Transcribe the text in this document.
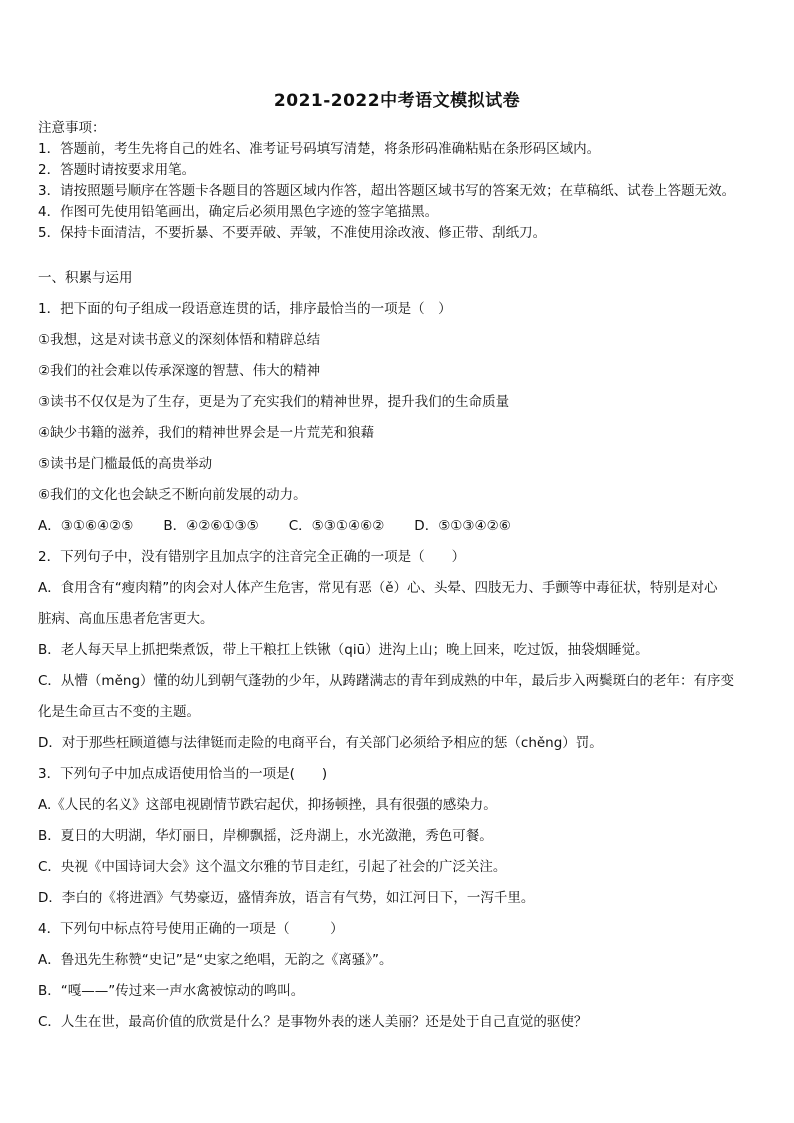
2021-2022中考语文模拟试卷
注意事项：
1．答题前，考生先将自己的姓名、准考证号码填写清楚，将条形码准确粘贴在条形码区域内。
2．答题时请按要求用笔。
3．请按照题号顺序在答题卡各题目的答题区域内作答，超出答题区域书写的答案无效；在草稿纸、试卷上答题无效。
4．作图可先使用铅笔画出，确定后必须用黑色字迹的签字笔描黑。
5．保持卡面清洁，不要折暴、不要弄破、弄皱，不准使用涂改液、修正带、刮纸刀。
一、积累与运用
1．把下面的句子组成一段语意连贯的话，排序最恰当的一项是（　）
①我想，这是对读书意义的深刻体悟和精辟总结
②我们的社会难以传承深邃的智慧、伟大的精神
③读书不仅仅是为了生存，更是为了充实我们的精神世界，提升我们的生命质量
④缺少书籍的滋养，我们的精神世界会是一片荒芜和狼藉
⑤读书是门槛最低的高贵举动
⑥我们的文化也会缺乏不断向前发展的动力。
A．③①⑥④②⑤ B．④②⑥①③⑤ C．⑤③①④⑥② D．⑤①③④②⑥
2．下列句子中，没有错别字且加点字的注音完全正确的一项是（　　）
A．食用含有“瘦肉精”的肉会对人体产生危害，常见有恶（ě）心、头晕、四肢无力、手颤等中毒征状，特别是对心
脏病、高血压患者危害更大。
B．老人每天早上抓把柴煮饭，带上干粮扛上铁锹（qiū）进沟上山；晚上回来，吃过饭，抽袋烟睡觉。
C．从懵（měng）懂的幼儿到朝气蓬勃的少年，从踌躇满志的青年到成熟的中年，最后步入两鬓斑白的老年：有序变
化是生命亘古不变的主题。
D．对于那些枉顾道德与法律铤而走险的电商平台，有关部门必须给予相应的惩（chěng）罚。
3．下列句子中加点成语使用恰当的一项是(　　)
A.《人民的名义》这部电视剧情节跌宕起伏，抑扬顿挫，具有很强的感染力。
B．夏日的大明湖，华灯丽日，岸柳飘摇，泛舟湖上，水光潋滟，秀色可餐。
C．央视《中国诗词大会》这个温文尔雅的节目走红，引起了社会的广泛关注。
D．李白的《将进酒》气势豪迈，盛情奔放，语言有气势，如江河日下，一泻千里。
4．下列句中标点符号使用正确的一项是（　　　）
A．鲁迅先生称赞“史记”是“史家之绝唱，无韵之《离骚》”。
B．“嘎——”传过来一声水禽被惊动的鸣叫。
C．人生在世，最高价值的欣赏是什么？是事物外表的迷人美丽？还是处于自己直觉的驱使？
